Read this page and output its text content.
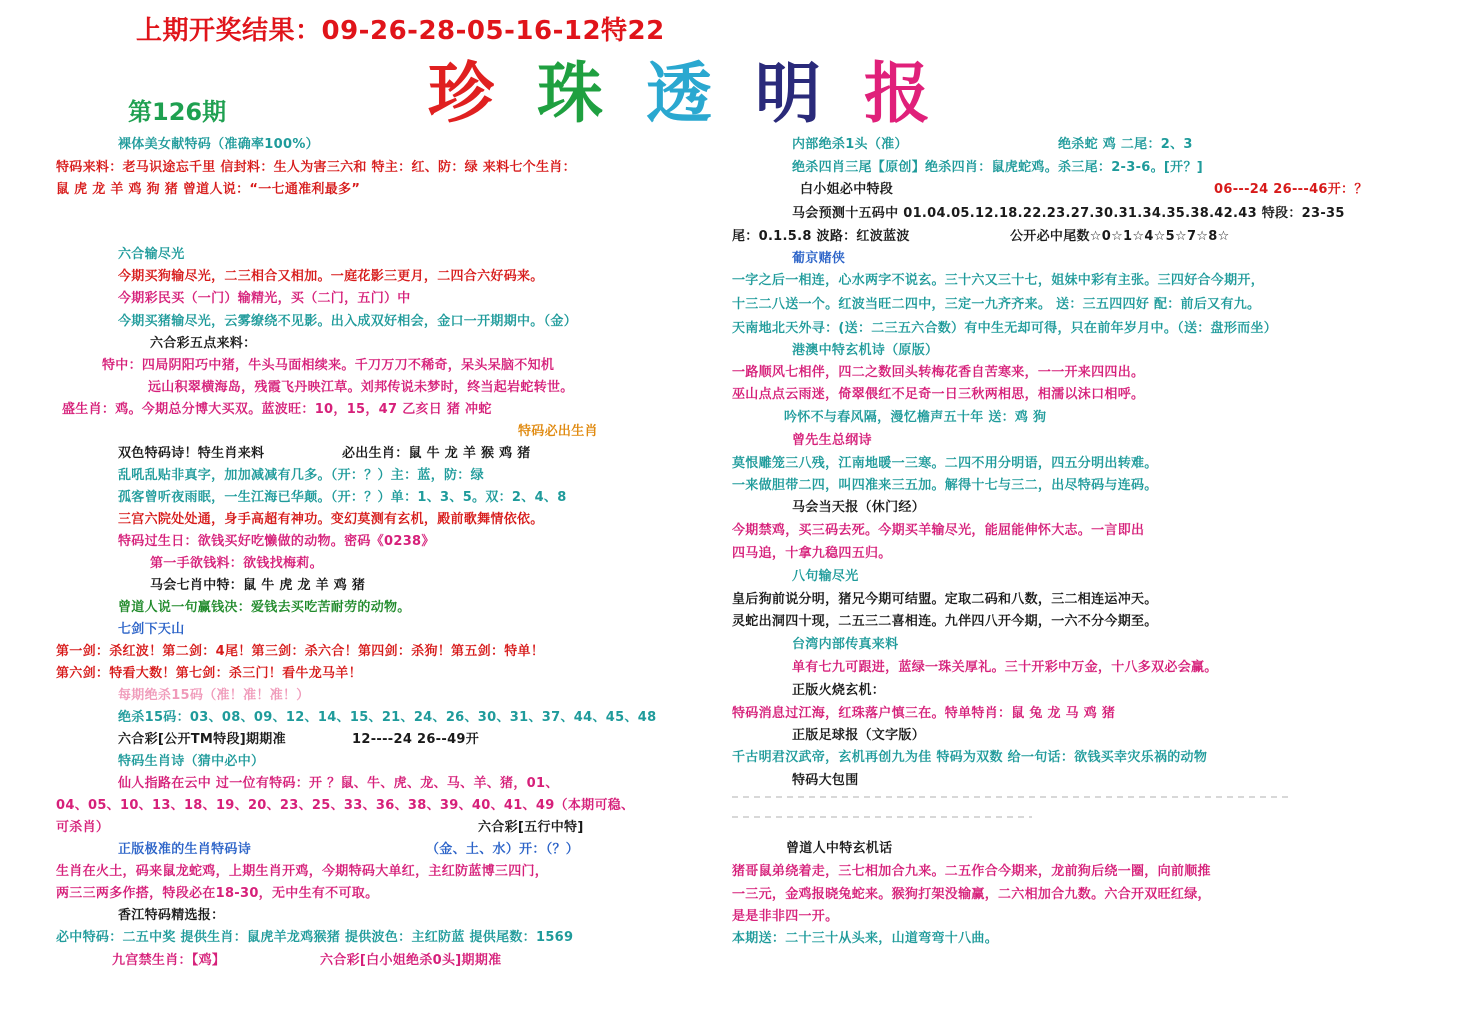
上期开奖结果：09-26-28-05-16-12特22
第126期	珍 珠 透 明 报
裸体美女献特码（准确率100%）
特码来料：老马识途忘千里 信封料：生人为害三六和 特主：红、防：绿 来料七个生肖：
鼠 虎 龙 羊 鸡 狗 猪 曾道人说：“一七通准利最多”
六合输尽光
今期买狗输尽光，二三相合又相加。一庭花影三更月，二四合六好码来。
今期彩民买（一门）输精光，买（二门，五门）中
今期买猪输尽光，云雾缭绕不见影。出入成双好相会，金口一开期期中。（金）
六合彩五点来料：
特中：四局阴阳巧中猪，牛头马面相续来。千刀万刀不稀奇，呆头呆脑不知机
远山积翠横海岛，残霞飞丹映江草。刘邦传说未梦时，终当起岩蛇转世。
盛生肖：鸡。今期总分博大买双。蓝波旺：10，15，47 乙亥日 猪 冲蛇
特码必出生肖
双色特码诗！特生肖来料	必出生肖：鼠 牛 龙 羊 猴 鸡 猪
乱吼乱贴非真字，加加减减有几多。（开：？）主：蓝，防：绿
孤客曾听夜雨眠，一生江海已华颠。（开：？）单：1、3、5。双：2、4、8
三宫六院处处通，身手高超有神功。变幻莫测有玄机，殿前歌舞情依依。
特码过生日：欲钱买好吃懒做的动物。密码《0238》
第一手欲钱料：欲钱找梅莉。
马会七肖中特：鼠 牛 虎 龙 羊 鸡 猪
曾道人说一句赢钱决：爱钱去买吃苦耐劳的动物。
七剑下天山
第一剑：杀红波！第二剑：4尾！第三剑：杀六合！第四剑：杀狗！第五剑：特单！
第六剑：特看大数！第七剑：杀三门！看牛龙马羊！
每期绝杀15码（准！准！准！）
绝杀15码：03、08、09、12、14、15、21、24、26、30、31、37、44、45、48
六合彩[公开TM特段]期期准	12----24 26--49开
特码生肖诗（猜中必中）
仙人指路在云中 过一位有特码：开 ？鼠、牛、虎、龙、马、羊、猪，01、
04、05、10、13、18、19、20、23、25、33、36、38、39、40、41、49（本期可稳、
可杀肖）	六合彩[五行中特]
正版极准的生肖特码诗	（金、土、水）开：（？）
生肖在火土，码来鼠龙蛇鸡，上期生肖开鸡，今期特码大单红，主红防蓝博三四门，
两三三两多作搭，特段必在18-30，无中生有不可取。
香江特码精选报：
必中特码：二五中奖 提供生肖：鼠虎羊龙鸡猴猪 提供波色：主红防蓝 提供尾数：1569
九宫禁生肖：【鸡】	六合彩[白小姐绝杀0头]期期准
内部绝杀1头（准）	绝杀蛇 鸡 二尾：2、3
绝杀四肖三尾【原创】绝杀四肖：鼠虎蛇鸡。杀三尾：2-3-6。[开？]
白小姐必中特段	06---24 26---46开：？
马会预测十五码中 01.04.05.12.18.22.23.27.30.31.34.35.38.42.43 特段：23-35
尾：0.1.5.8 波路：红波蓝波	公开必中尾数☆0☆1☆4☆5☆7☆8☆
葡京赌侠
一字之后一相连，心水两字不说玄。三十六又三十七，姐妹中彩有主张。三四好合今期开，
十三二八送一个。红波当旺二四中，三定一九齐齐来。 送：三五四四好 配：前后又有九。
天南地北天外寻：(送：二三五六合数）有中生无却可得，只在前年岁月中。（送：盘形而坐）
港澳中特玄机诗（原版）
一路顺风七相伴，四二之数回头转梅花香自苦寒来，一一开来四四出。
巫山点点云雨迷，倚翠偎红不足奇一日三秋两相思，相濡以沫口相呼。
吟怀不与春风隔，漫忆檐声五十年 送：鸡 狗
曾先生总纲诗
莫恨雕笼三八残，江南地暖一三寒。二四不用分明语，四五分明出转难。
一来做胆带二四，叫四准来三五加。解得十七与三二，出尽特码与连码。
马会当天报（休门经）
今期禁鸡，买三码去死。今期买羊输尽光，能屈能伸怀大志。一言即出
四马追，十拿九稳四五归。
八句输尽光
皇后狗前说分明，猪兄今期可结盟。定取二码和八数，三二相连运冲天。
灵蛇出洞四十现，二五三二喜相连。九伴四八开今期，一六不分今期至。
台湾内部传真来料
单有七九可跟进，蓝绿一珠关厚礼。三十开彩中万金，十八多双必会赢。
正版火烧玄机：
特码消息过江海，红珠落户慎三在。特单特肖：鼠 兔 龙 马 鸡 猪
正版足球报（文字版）
千古明君汉武帝，玄机再创九为佳 特码为双数 给一句话：欲钱买幸灾乐祸的动物
特码大包围
曾道人中特玄机话
猪哥鼠弟绕着走，三七相加合九来。二五作合今期来，龙前狗后绕一圈，向前顺推
一三元，金鸡报晓兔蛇来。猴狗打架没输赢，二六相加合九数。六合开双旺红绿，
是是非非四一开。
本期送：二十三十从头来，山道弯弯十八曲。
